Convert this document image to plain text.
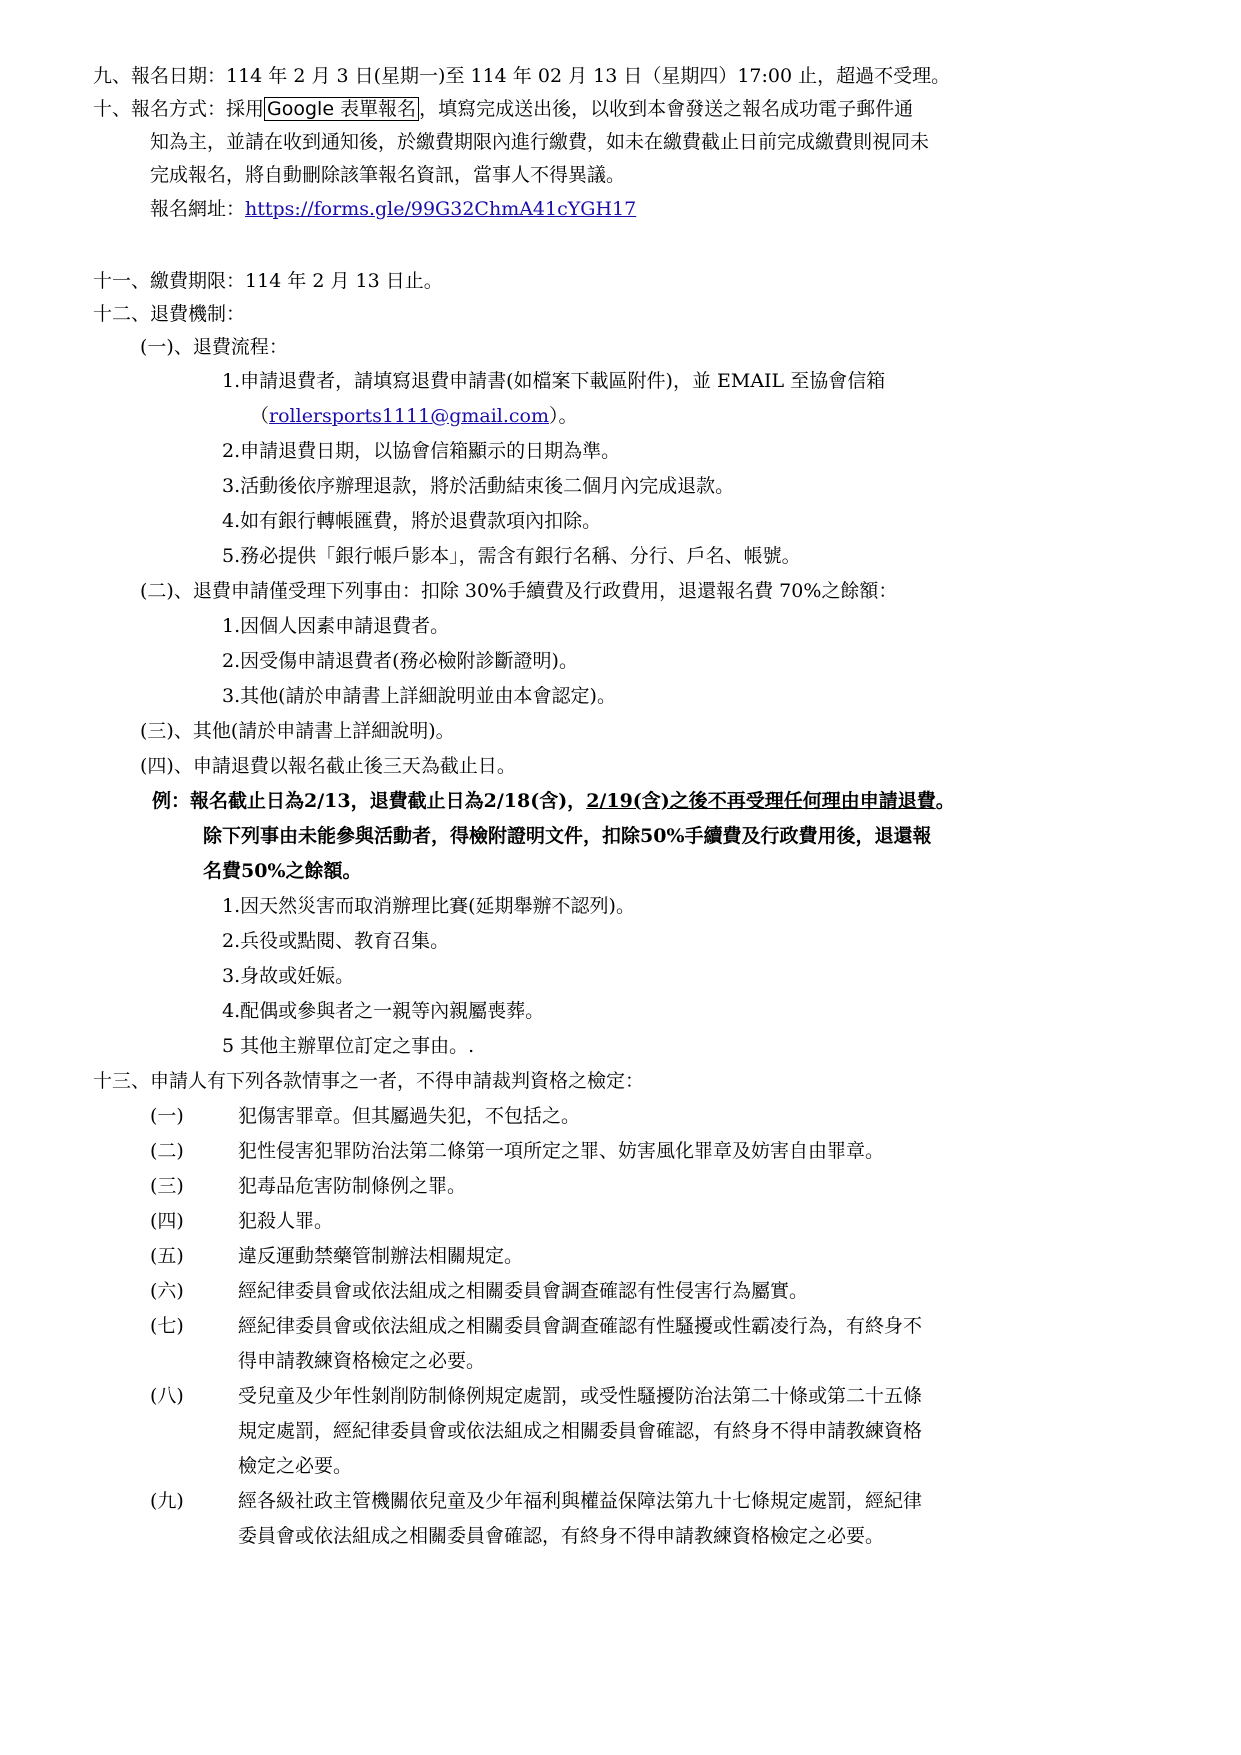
九、報名日期：114 年 2 月 3 日(星期一)至 114 年 02 月 13 日（星期四）17:00 止，超過不受理。
十、報名方式：採用 Google 表單報名 ，填寫完成送出後，以收到本會發送之報名成功電子郵件通
知為主，並請在收到通知後，於繳費期限內進行繳費，如未在繳費截止日前完成繳費則視同未
完成報名，將自動刪除該筆報名資訊，當事人不得異議。
報名網址：https://forms.gle/99G32ChmA41cYGH17
十一、繳費期限：114 年 2 月 13 日止。
十二、退費機制：
(一)、退費流程：
1.申請退費者，請填寫退費申請書(如檔案下載區附件)，並 EMAIL 至協會信箱
（rollersports1111@gmail.com）。
2.申請退費日期，以協會信箱顯示的日期為準。
3.活動後依序辦理退款，將於活動結束後二個月內完成退款。
4.如有銀行轉帳匯費，將於退費款項內扣除。
5.務必提供「銀行帳戶影本」，需含有銀行名稱、分行、戶名、帳號。
(二)、退費申請僅受理下列事由：扣除 30%手續費及行政費用，退還報名費 70%之餘額：
1.因個人因素申請退費者。
2.因受傷申請退費者(務必檢附診斷證明)。
3.其他(請於申請書上詳細說明並由本會認定)。
(三)、其他(請於申請書上詳細說明)。
(四)、申請退費以報名截止後三天為截止日。
例：報名截止日為2/13，退費截止日為2/18(含)，2/19(含)之後不再受理任何理由申請退費。
除下列事由未能參與活動者，得檢附證明文件，扣除50%手續費及行政費用後，退還報
名費50%之餘額。
1.因天然災害而取消辦理比賽(延期舉辦不認列)。
2.兵役或點閱、教育召集。
3.身故或妊娠。
4.配偶或參與者之一親等內親屬喪葬。
5 其他主辦單位訂定之事由。.
十三、申請人有下列各款情事之一者，不得申請裁判資格之檢定：
(一)	犯傷害罪章。但其屬過失犯，不包括之。
(二)	犯性侵害犯罪防治法第二條第一項所定之罪、妨害風化罪章及妨害自由罪章。
(三)	犯毒品危害防制條例之罪。
(四)	犯殺人罪。
(五)	違反運動禁藥管制辦法相關規定。
(六)	經紀律委員會或依法組成之相關委員會調查確認有性侵害行為屬實。
(七)	經紀律委員會或依法組成之相關委員會調查確認有性騷擾或性霸凌行為，有終身不
得申請教練資格檢定之必要。
(八)	受兒童及少年性剝削防制條例規定處罰，或受性騷擾防治法第二十條或第二十五條
規定處罰，經紀律委員會或依法組成之相關委員會確認，有終身不得申請教練資格
檢定之必要。
(九)	經各級社政主管機關依兒童及少年福利與權益保障法第九十七條規定處罰，經紀律
委員會或依法組成之相關委員會確認，有終身不得申請教練資格檢定之必要。
